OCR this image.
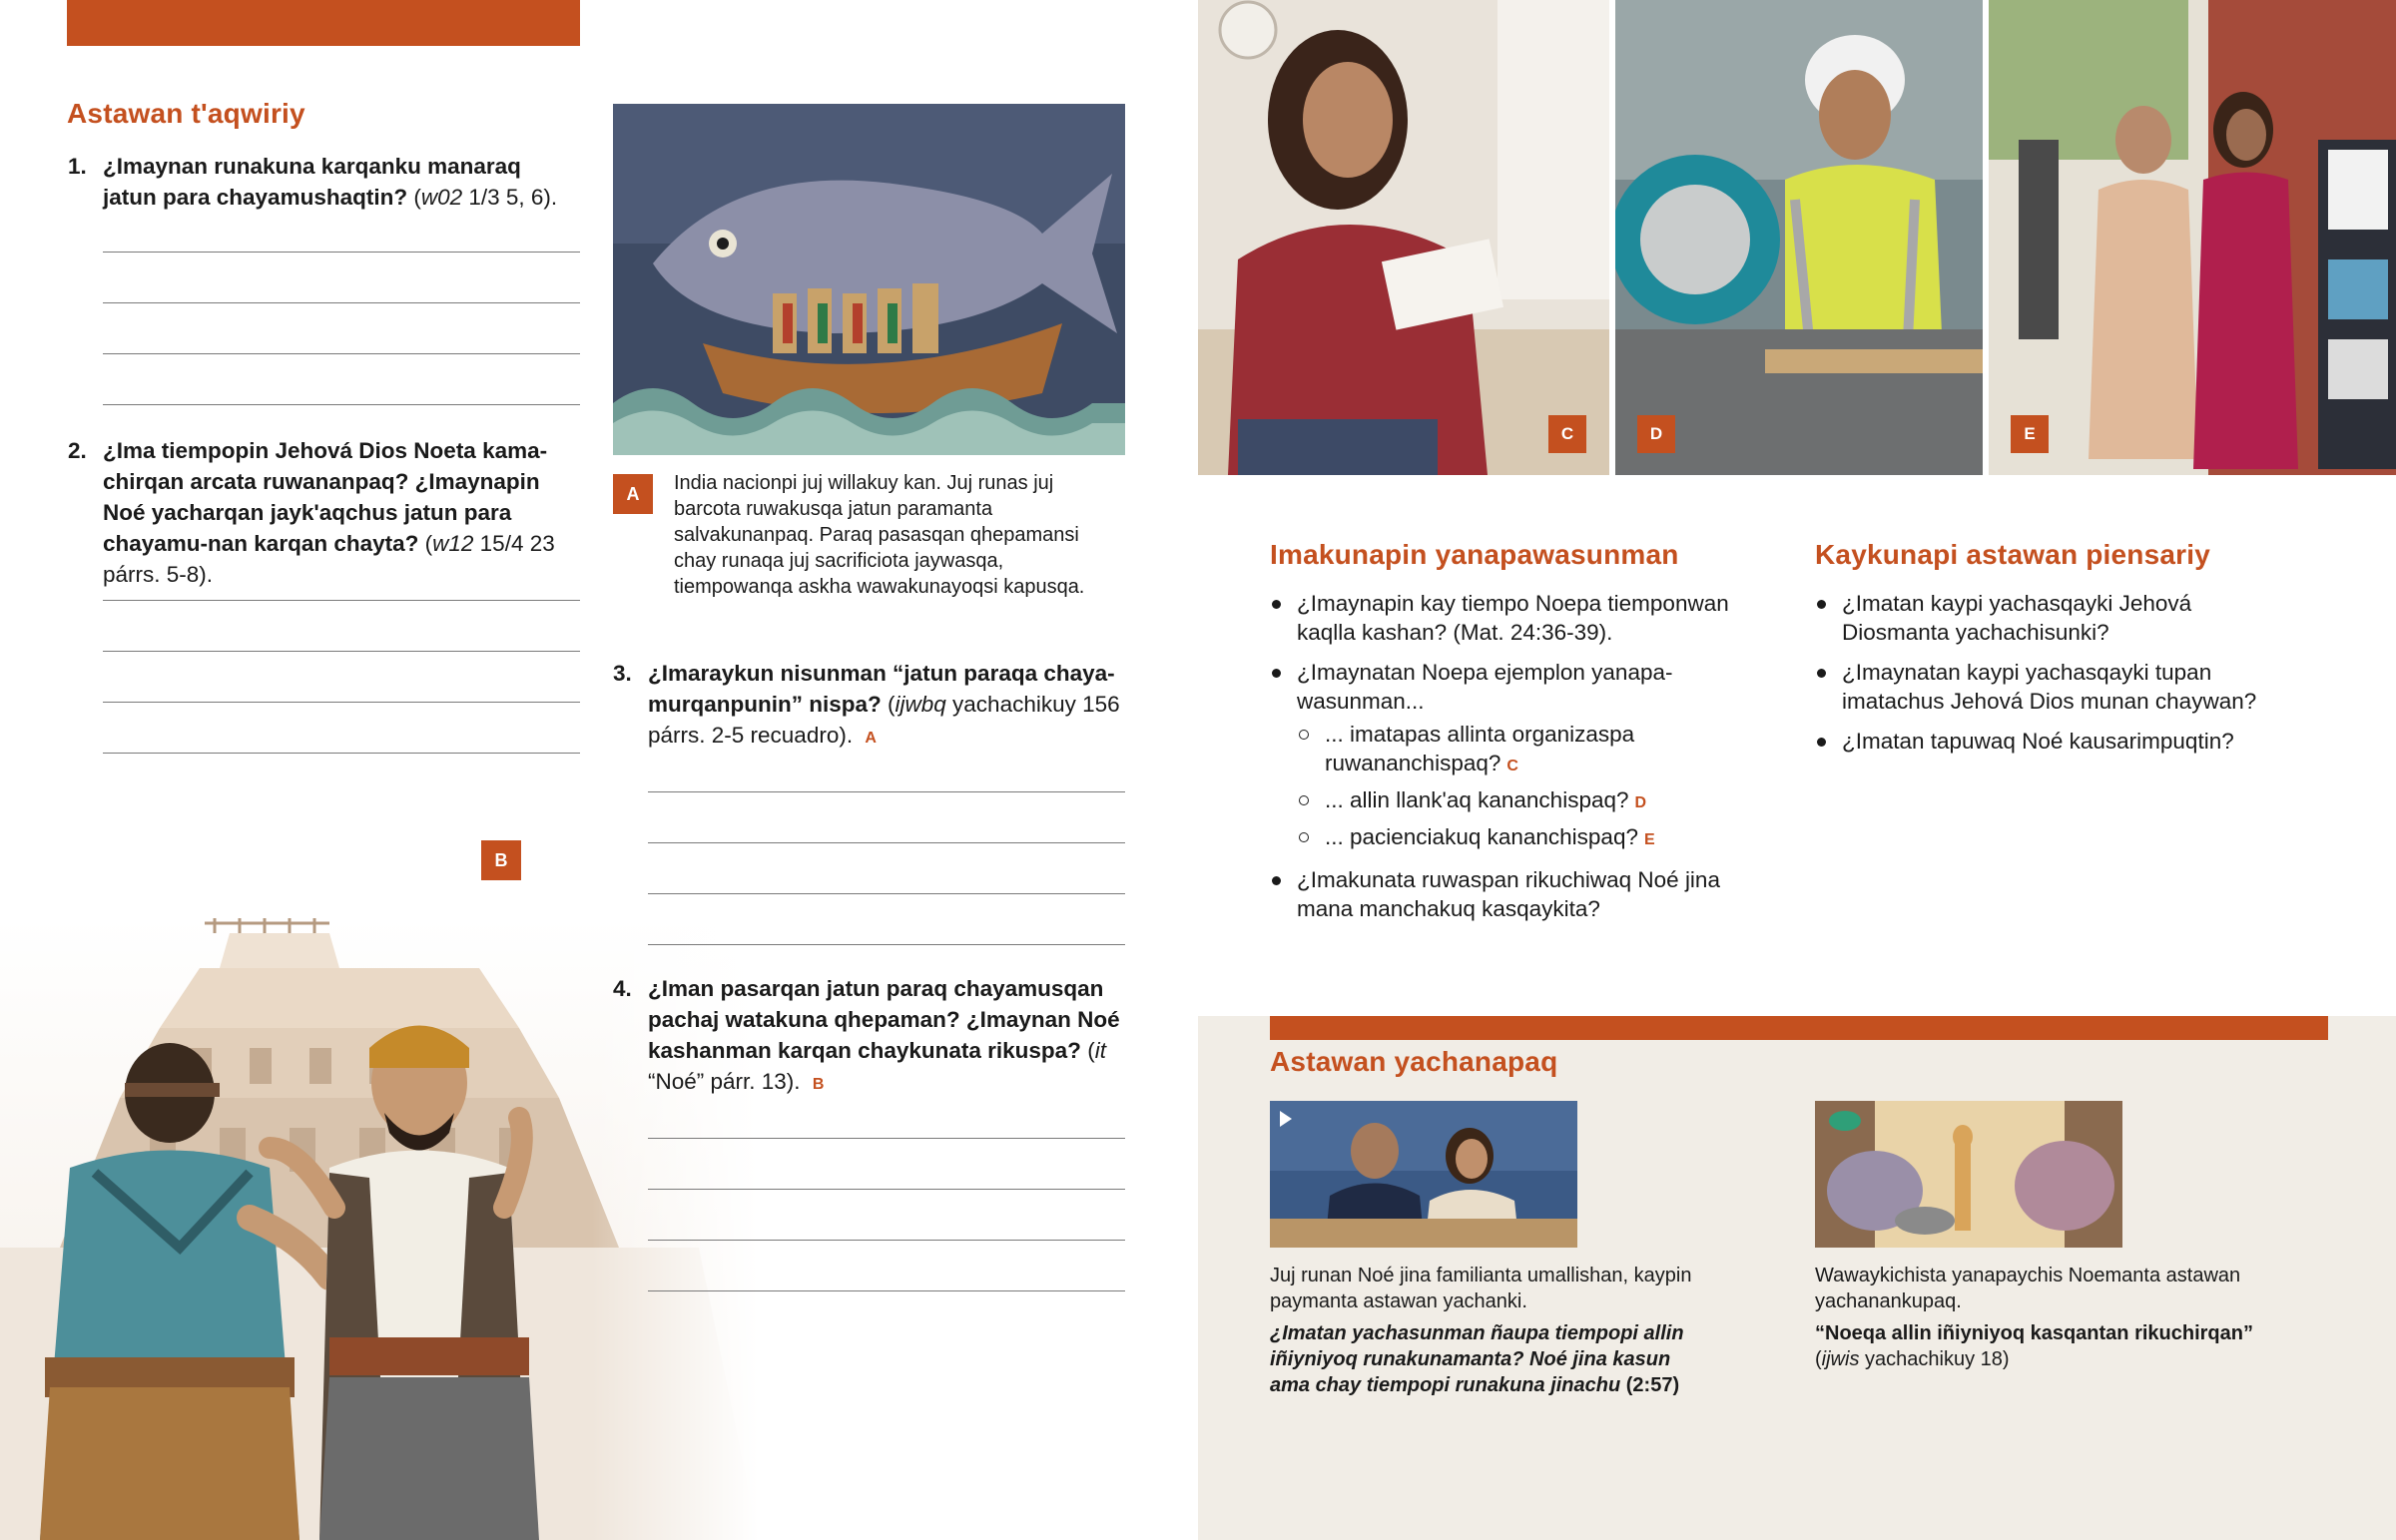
Astawan t'aqwiriy
1. ¿Imaynan runakuna karqanku manaraq jatun para chayamushaqtin? (w02 1/3 5, 6).
2. ¿Ima tiempopin Jehová Dios Noeta kama-chirqan arcata ruwananpaq? ¿Imaynapin Noé yacharqan jayk'aqchus jatun para chayamu-nan karqan chayta? (w12 15/4 23 párrs. 5-8).
B
A	India nacionpi juj willakuy kan. Juj runas juj barcota ruwakusqa jatun paramanta salvakunanpaq. Paraq pasasqan qhepamansi chay runaqa juj sacrificiota jaywasqa, tiempowanqa askha wawakunayoqsi kapusqa.
3. ¿Imaraykun nisunman “jatun paraqa chaya-murqanpunin” nispa? (ijwbq yachachikuy 156 párrs. 2-5 recuadro). A
4. ¿Iman pasarqan jatun paraq chayamusqan pachaj watakuna qhepaman? ¿Imaynan Noé kashanman karqan chaykunata rikuspa? (it “Noé” párr. 13). B
C	D	E
Imakunapin yanapawasunman
¿Imaynapin kay tiempo Noepa tiemponwan kaqlla kashan? (Mat. 24:36-39).
¿Imaynatan Noepa ejemplon yanapa-wasunman...
... imatapas allinta organizaspa ruwananchispaq? C
... allin llank'aq kananchispaq? D
... pacienciakuq kananchispaq? E
¿Imakunata ruwaspan rikuchiwaq Noé jina mana manchakuq kasqaykita?
Kaykunapi astawan piensariy
¿Imatan kaypi yachasqayki Jehová Diosmanta yachachisunki?
¿Imaynatan kaypi yachasqayki tupan imatachus Jehová Dios munan chaywan?
¿Imatan tapuwaq Noé kausarimpuqtin?
Astawan yachanapaq
Juj runan Noé jina familianta umallishan, kaypin paymanta astawan yachanki.
¿Imatan yachasunman ñaupa tiempopi allin iñiyniyoq runakunamanta? Noé jina kasun ama chay tiempopi runakuna jinachu (2:57)
Wawaykichista yanapaychis Noemanta astawan yachanankupaq.
“Noeqa allin iñiyniyoq kasqantan rikuchirqan”
(ijwis yachachikuy 18)
